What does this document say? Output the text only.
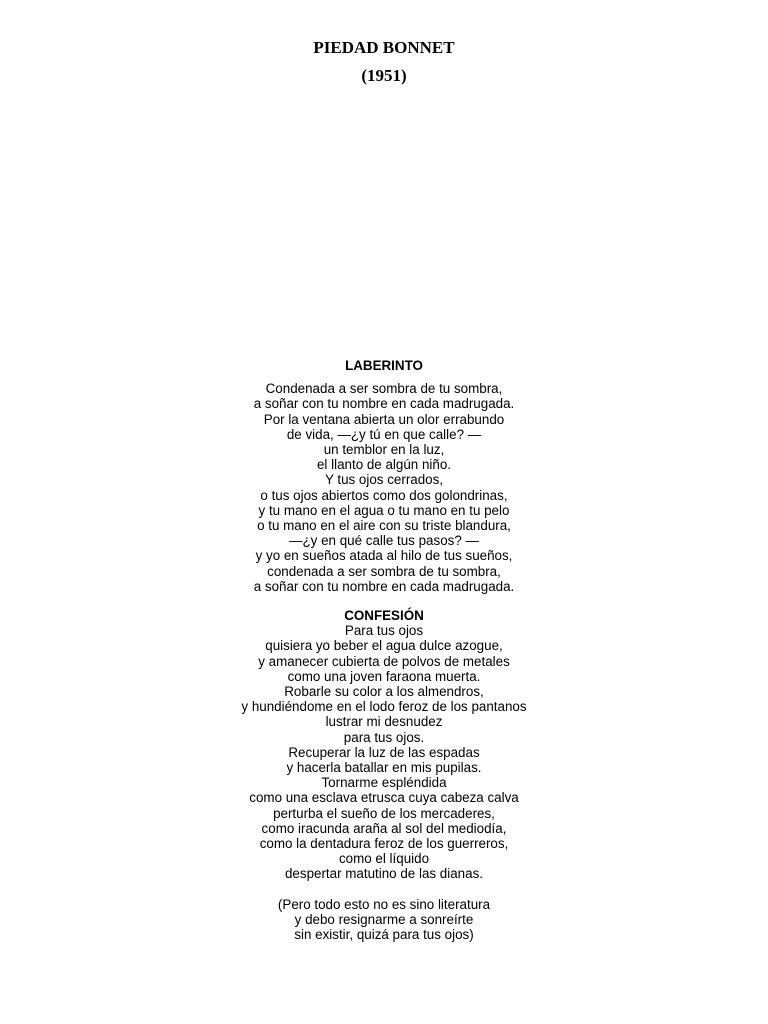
PIEDAD BONNET
(1951)
LABERINTO
Condenada a ser sombra de tu sombra,
a soñar con tu nombre en cada madrugada.
Por la ventana abierta un olor errabundo
de vida, —¿y tú en que calle? —
un temblor en la luz,
el llanto de algún niño.
Y tus ojos cerrados,
o tus ojos abiertos como dos golondrinas,
y tu mano en el agua o tu mano en tu pelo
o tu mano en el aire con su triste blandura,
—¿y en qué calle tus pasos? —
y yo en sueños atada al hilo de tus sueños,
condenada a ser sombra de tu sombra,
a soñar con tu nombre en cada madrugada.
CONFESIÓN
Para tus ojos
quisiera yo beber el agua dulce azogue,
y amanecer cubierta de polvos de metales
como una joven faraona muerta.
Robarle su color a los almendros,
y hundiéndome en el lodo feroz de los pantanos
lustrar mi desnudez
para tus ojos.
Recuperar la luz de las espadas
y hacerla batallar en mis pupilas.
Tornarme espléndida
como una esclava etrusca cuya cabeza calva
perturba el sueño de los mercaderes,
como iracunda araña al sol del mediodía,
como la dentadura feroz de los guerreros,
como el líquido
despertar matutino de las dianas.
(Pero todo esto no es sino literatura
y debo resignarme a sonreírte
sin existir, quizá para tus ojos)
